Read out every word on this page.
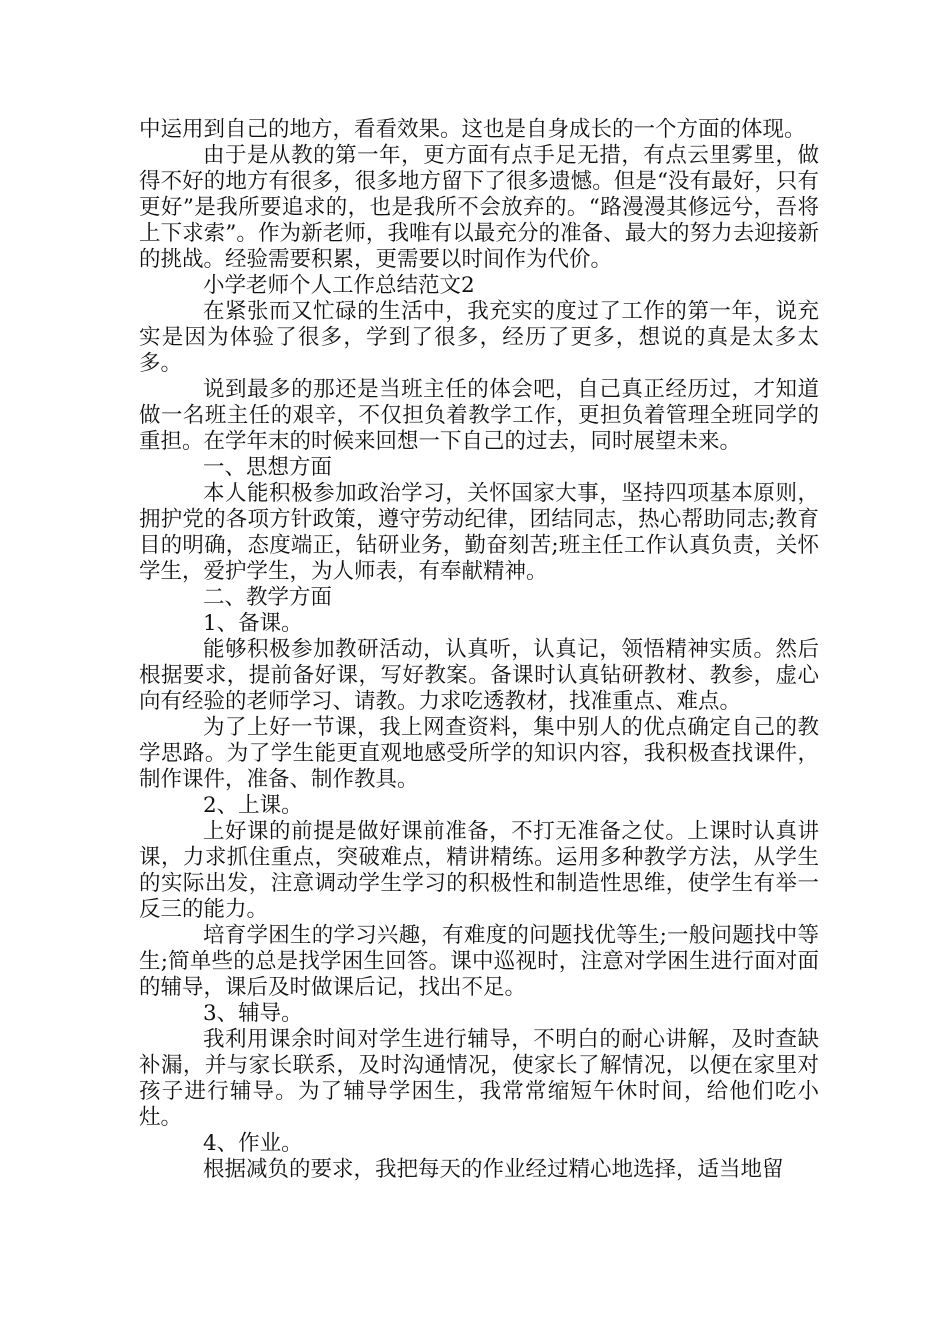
中运用到自己的地方，看看效果。这也是自身成长的一个方面的体现。

由于是从教的第一年，更方面有点手足无措，有点云里雾里，做得不好的地方有很多，很多地方留下了很多遗憾。但是“没有最好，只有更好”是我所要追求的，也是我所不会放弃的。“路漫漫其修远兮，吾将上下求索”。作为新老师，我唯有以最充分的准备、最大的努力去迎接新的挑战。经验需要积累，更需要以时间作为代价。

小学老师个人工作总结范文2

在紧张而又忙碌的生活中，我充实的度过了工作的第一年，说充实是因为体验了很多，学到了很多，经历了更多，想说的真是太多太多。

说到最多的那还是当班主任的体会吧，自己真正经历过，才知道做一名班主任的艰辛，不仅担负着教学工作，更担负着管理全班同学的重担。在学年末的时候来回想一下自己的过去，同时展望未来。

一、思想方面

本人能积极参加政治学习，关怀国家大事，坚持四项基本原则，拥护党的各项方针政策，遵守劳动纪律，团结同志，热心帮助同志;教育目的明确，态度端正，钻研业务，勤奋刻苦;班主任工作认真负责，关怀学生，爱护学生，为人师表，有奉献精神。

二、教学方面

1、备课。

能够积极参加教研活动，认真听，认真记，领悟精神实质。然后根据要求，提前备好课，写好教案。备课时认真钻研教材、教参，虚心向有经验的老师学习、请教。力求吃透教材，找准重点、难点。

为了上好一节课，我上网查资料，集中别人的优点确定自己的教学思路。为了学生能更直观地感受所学的知识内容，我积极查找课件，制作课件，准备、制作教具。

2、上课。

上好课的前提是做好课前准备，不打无准备之仗。上课时认真讲课，力求抓住重点，突破难点，精讲精练。运用多种教学方法，从学生的实际出发，注意调动学生学习的积极性和制造性思维，使学生有举一反三的能力。

培育学困生的学习兴趣，有难度的问题找优等生;一般问题找中等生;简单些的总是找学困生回答。课中巡视时，注意对学困生进行面对面的辅导，课后及时做课后记，找出不足。

3、辅导。

我利用课余时间对学生进行辅导，不明白的耐心讲解，及时查缺补漏，并与家长联系，及时沟通情况，使家长了解情况，以便在家里对孩子进行辅导。为了辅导学困生，我常常缩短午休时间，给他们吃小灶。

4、作业。

根据减负的要求，我把每天的作业经过精心地选择，适当地留
